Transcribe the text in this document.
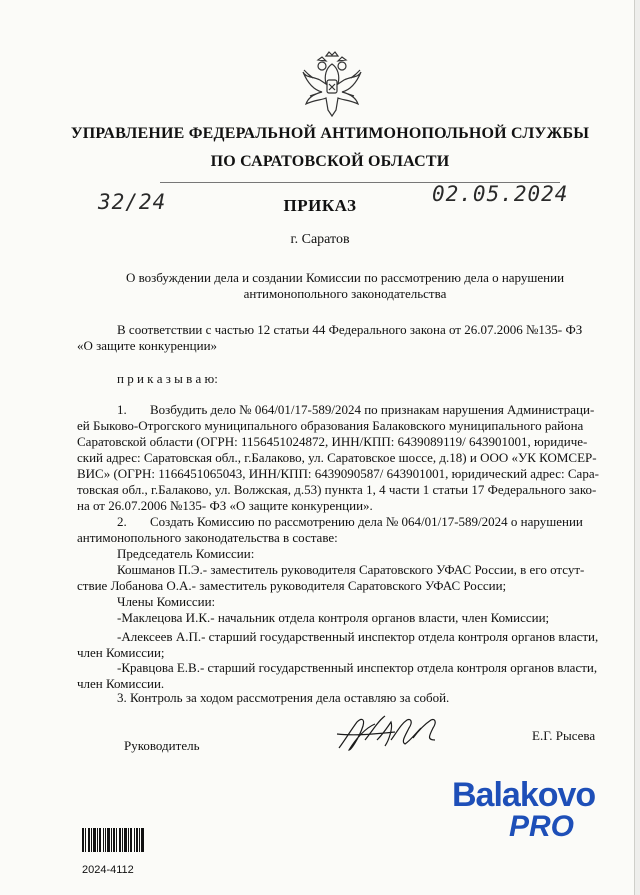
УПРАВЛЕНИЕ ФЕДЕРАЛЬНОЙ АНТИМОНОПОЛЬНОЙ СЛУЖБЫ
ПО САРАТОВСКОЙ ОБЛАСТИ
32/24	02.05.2024
ПРИКАЗ
г. Саратов
О возбуждении дела и создании Комиссии по рассмотрению дела о нарушении
антимонопольного законодательства
В соответствии с частью 12 статьи 44 Федерального закона от 26.07.2006 №135- ФЗ
«О защите конкуренции»
п р и к а з ы в а ю:
1. Возбудить дело № 064/01/17-589/2024 по признакам нарушения Администраци-
ей Быково-Отрогского муниципального образования Балаковского муниципального района
Саратовской области (ОГРН: 1156451024872, ИНН/КПП: 6439089119/ 643901001, юридиче-
ский адрес: Саратовская обл., г.Балаково, ул. Саратовское шоссе, д.18) и ООО «УК КОМСЕР-
ВИС» (ОГРН: 1166451065043, ИНН/КПП: 6439090587/ 643901001, юридический адрес: Сара-
товская обл., г.Балаково, ул. Волжская, д.53) пункта 1, 4 части 1 статьи 17 Федерального зако-
на от 26.07.2006 №135- ФЗ «О защите конкуренции».
2. Создать Комиссию по рассмотрению дела № 064/01/17-589/2024 о нарушении
антимонопольного законодательства в составе:
Председатель Комиссии:
Кошманов П.Э.- заместитель руководителя Саратовского УФАС России, в его отсут-
ствие Лобанова О.А.- заместитель руководителя Саратовского УФАС России;
Члены Комиссии:
-Маклецова И.К.- начальник отдела контроля органов власти, член Комиссии;
-Алексеев А.П.- старший государственный инспектор отдела контроля органов власти,
член Комиссии;
-Кравцова Е.В.- старший государственный инспектор отдела контроля органов власти,
член Комиссии.
3. Контроль за ходом рассмотрения дела оставляю за собой.
Руководитель
Е.Г. Рысева
Balakovo
PRO
2024-4112
